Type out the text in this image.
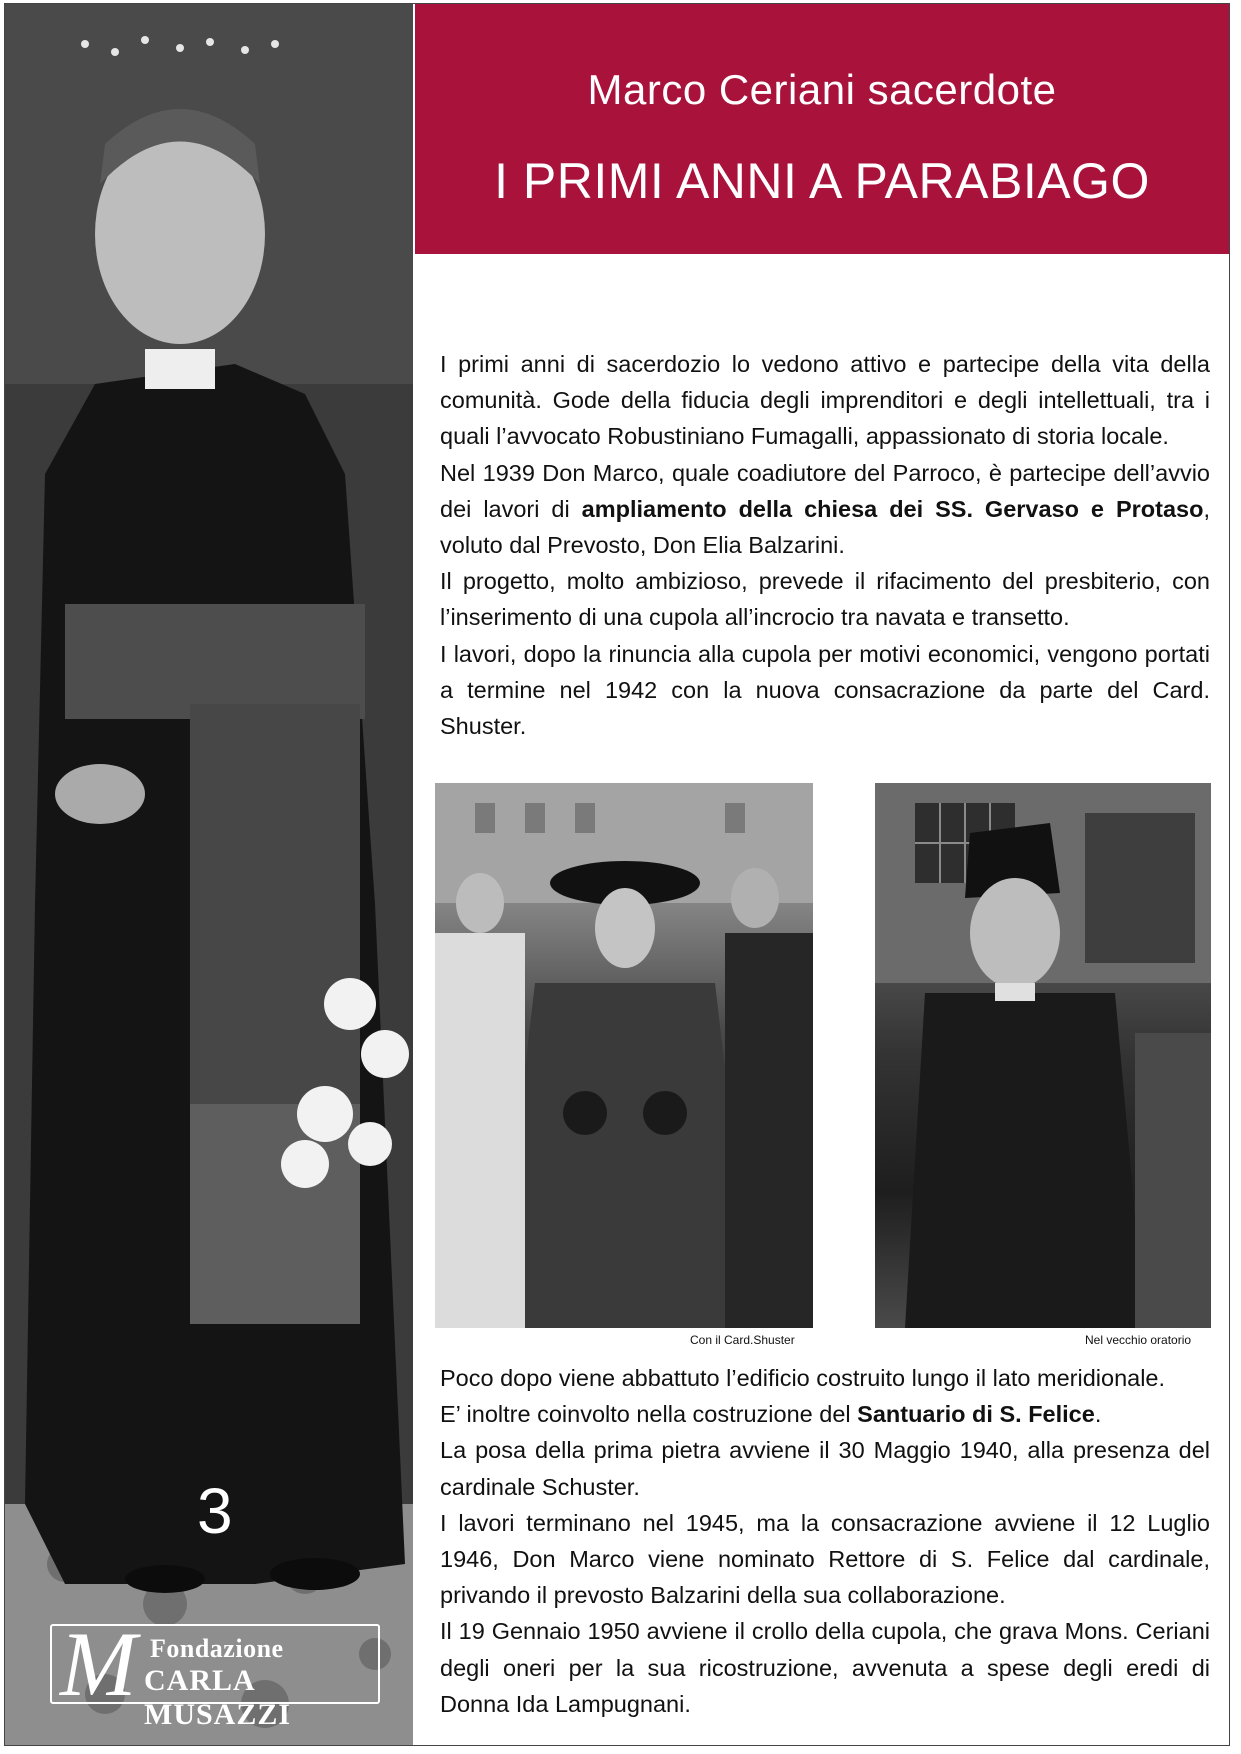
3
M Fondazione
CARLA MUSAZZI
Marco Ceriani sacerdote
I PRIMI ANNI A PARABIAGO

I primi anni di sacerdozio lo vedono attivo e partecipe della vita della comunità. Gode della fiducia degli imprenditori e degli intellettuali, tra i quali l’avvocato Robustiniano Fumagalli, appassionato di storia locale.

Nel 1939 Don Marco, quale coadiutore del Parroco, è partecipe dell’avvio dei lavori di ampliamento della chiesa dei SS. Gervaso e Protaso, voluto dal Prevosto, Don Elia Balzarini.

Il progetto, molto ambizioso, prevede il rifacimento del presbiterio, con l’inserimento di una cupola all’incrocio tra navata e transetto.

I lavori, dopo la rinuncia alla cupola per motivi economici, vengono portati a termine nel 1942 con la nuova consacrazione da parte del Card. Shuster.

Con il Card.Shuster	Nel vecchio oratorio

Poco dopo viene abbattuto l’edificio costruito lungo il lato meridionale.

E’ inoltre coinvolto nella costruzione del Santuario di S. Felice.

La posa della prima pietra avviene il 30 Maggio 1940, alla presenza del cardinale Schuster.

I lavori terminano nel 1945, ma la consacrazione avviene il 12 Luglio 1946, Don Marco viene nominato Rettore di S. Felice dal cardinale, privando il prevosto Balzarini della sua collaborazione.

Il 19 Gennaio 1950 avviene il crollo della cupola, che grava Mons. Ceriani degli oneri per la sua ricostruzione, avvenuta a spese degli eredi di Donna Ida Lampugnani.
